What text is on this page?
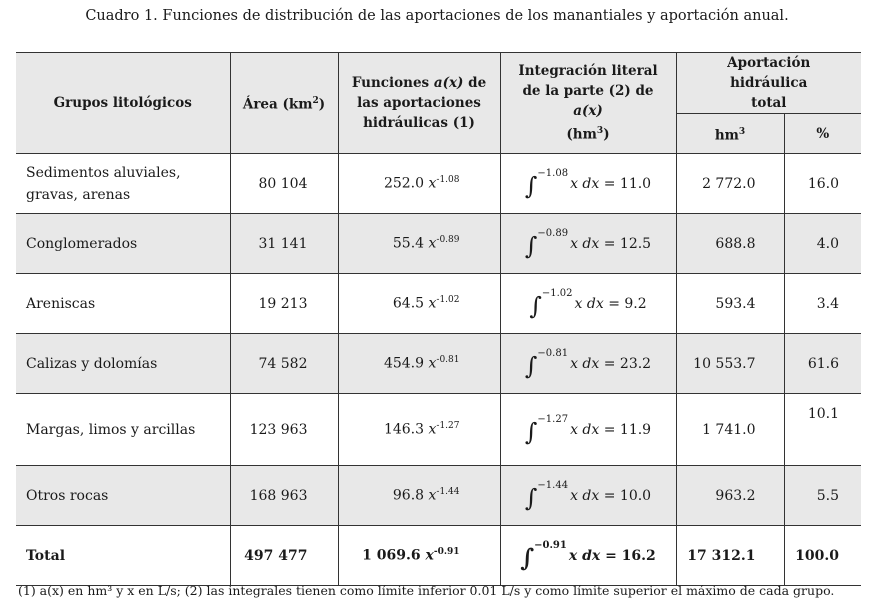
Cuadro 1. Funciones de distribución de las aportaciones de los manantiales y aportación anual.
Grupos litológicos	Área $(km^2)$	Funciones a(x) de
las aportaciones
hidráulicas (1)	Integración literal
de la parte (2) de a(x)
$(hm^3)$	Aportación hidráulica
total	
				$hm^3$	%
Sedimentos aluviales, gravas, arenas	80 104	252.0 $x^{-1.08}$	∫ −1.08
x dx
= 11.0	2 772.0	16.0
Conglomerados	31 141	55.4 $x^{-0.89}$	∫ −0.89
x dx
= 12.5	688.8	4.0
Areniscas	19 213	64.5 $x^{-1.02}$	∫ −1.02
x dx
= 9.2	593.4	3.4
Calizas y dolomías	74 582	454.9 $x^{-0.81}$	∫ −0.81
x dx
= 23.2	10 553.7	61.6
Margas, limos y arcillas	123 963	146.3 $x^{-1.27}$	∫ −1.27
x dx
= 11.9	1 741.0	10.1
Otros rocas	168 963	96.8 $x^{-1.44}$	∫ −1.44
x dx
= 10.0	963.2	5.5
Total	497 477	1 069.6 $x^{-0.91}$	∫ −0.91
x dx
= 16.2	17 312.1	100.0
(1) a(x) en hm³ y x en L/s; (2) las integrales tienen como límite inferior 0.01 L/s y como límite superior el máximo de cada grupo.
